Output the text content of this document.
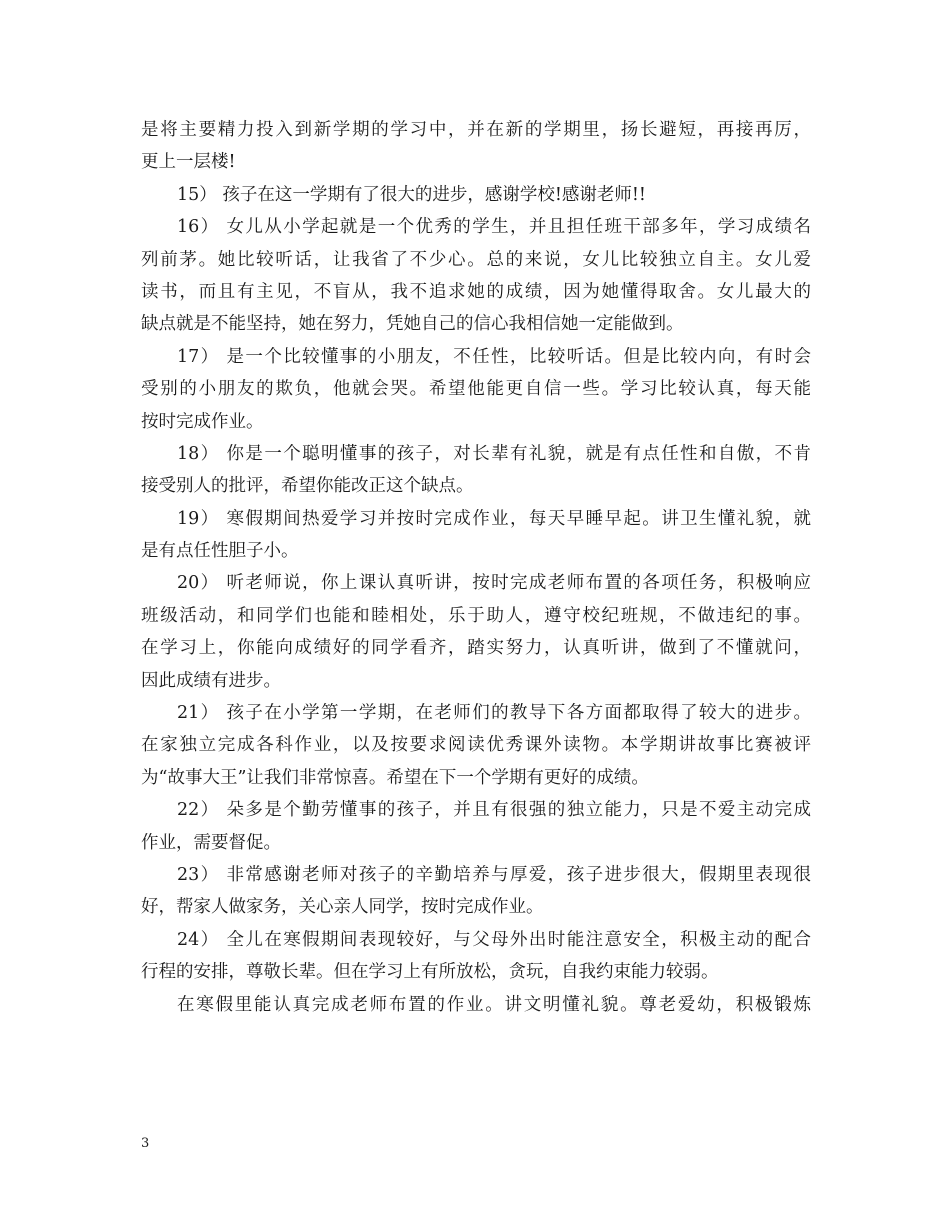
是将主要精力投入到新学期的学习中，并在新的学期里，扬长避短，再接再厉，
更上一层楼!
15） 孩子在这一学期有了很大的进步，感谢学校!感谢老师!!
16） 女儿从小学起就是一个优秀的学生，并且担任班干部多年，学习成绩名
列前茅。她比较听话，让我省了不少心。总的来说，女儿比较独立自主。女儿爱
读书，而且有主见，不盲从，我不追求她的成绩，因为她懂得取舍。女儿最大的
缺点就是不能坚持，她在努力，凭她自己的信心我相信她一定能做到。
17） 是一个比较懂事的小朋友，不任性，比较听话。但是比较内向，有时会
受别的小朋友的欺负，他就会哭。希望他能更自信一些。学习比较认真，每天能
按时完成作业。
18） 你是一个聪明懂事的孩子，对长辈有礼貌，就是有点任性和自傲，不肯
接受别人的批评，希望你能改正这个缺点。
19） 寒假期间热爱学习并按时完成作业，每天早睡早起。讲卫生懂礼貌，就
是有点任性胆子小。
20） 听老师说，你上课认真听讲，按时完成老师布置的各项任务，积极响应
班级活动，和同学们也能和睦相处，乐于助人，遵守校纪班规，不做违纪的事。
在学习上，你能向成绩好的同学看齐，踏实努力，认真听讲，做到了不懂就问，
因此成绩有进步。
21） 孩子在小学第一学期，在老师们的教导下各方面都取得了较大的进步。
在家独立完成各科作业，以及按要求阅读优秀课外读物。本学期讲故事比赛被评
为“故事大王”让我们非常惊喜。希望在下一个学期有更好的成绩。
22） 朵多是个勤劳懂事的孩子，并且有很强的独立能力，只是不爱主动完成
作业，需要督促。
23） 非常感谢老师对孩子的辛勤培养与厚爱，孩子进步很大，假期里表现很
好，帮家人做家务，关心亲人同学，按时完成作业。
24） 全儿在寒假期间表现较好，与父母外出时能注意安全，积极主动的配合
行程的安排，尊敬长辈。但在学习上有所放松，贪玩，自我约束能力较弱。
在寒假里能认真完成老师布置的作业。讲文明懂礼貌。尊老爱幼，积极锻炼
3
